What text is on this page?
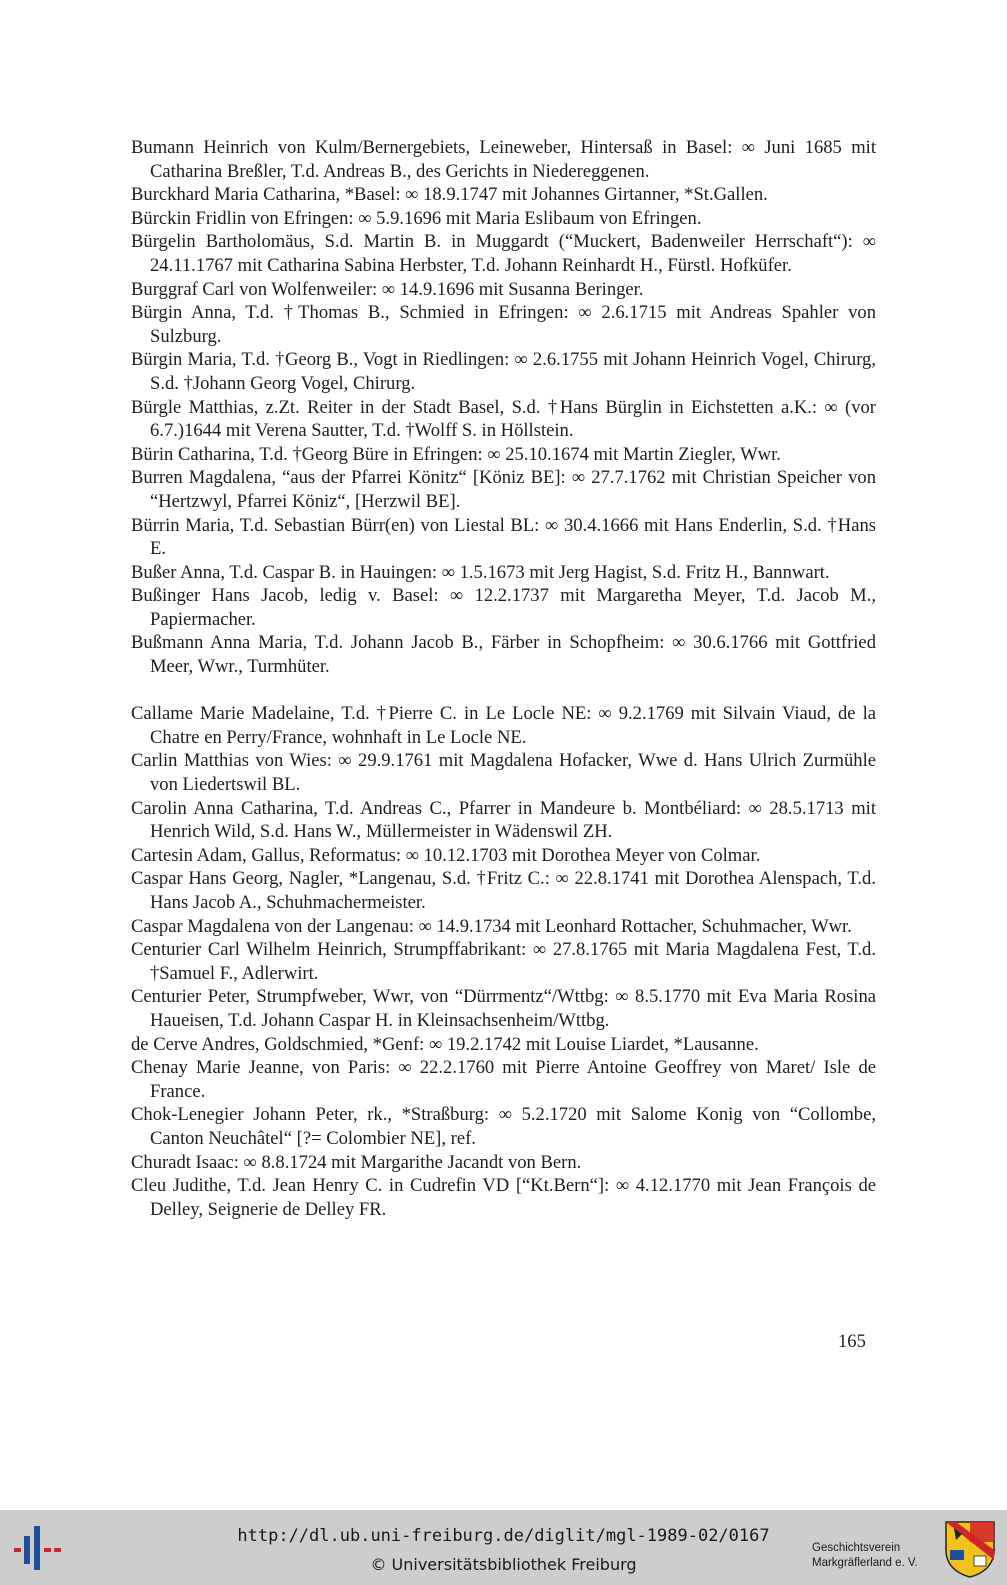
Bumann Heinrich von Kulm/Bernergebiets, Leineweber, Hintersaß in Basel: ∞ Juni 1685 mit Catharina Breßler, T.d. Andreas B., des Gerichts in Niedereggenen.

Burckhard Maria Catharina, *Basel: ∞ 18.9.1747 mit Johannes Girtanner, *St.Gallen.

Bürckin Fridlin von Efringen: ∞ 5.9.1696 mit Maria Eslibaum von Efringen.

Bürgelin Bartholomäus, S.d. Martin B. in Muggardt (“Muckert, Badenweiler Herrschaft“): ∞ 24.11.1767 mit Catharina Sabina Herbster, T.d. Johann Reinhardt H., Fürstl. Hofküfer.

Burggraf Carl von Wolfenweiler: ∞ 14.9.1696 mit Susanna Beringer.

Bürgin Anna, T.d. †Thomas B., Schmied in Efringen: ∞ 2.6.1715 mit Andreas Spahler von Sulzburg.

Bürgin Maria, T.d. †Georg B., Vogt in Riedlingen: ∞ 2.6.1755 mit Johann Heinrich Vogel, Chirurg, S.d. †Johann Georg Vogel, Chirurg.

Bürgle Matthias, z.Zt. Reiter in der Stadt Basel, S.d. †Hans Bürglin in Eichstetten a.K.: ∞ (vor 6.7.)1644 mit Verena Sautter, T.d. †Wolff S. in Höllstein.

Bürin Catharina, T.d. †Georg Büre in Efringen: ∞ 25.10.1674 mit Martin Ziegler, Wwr.

Burren Magdalena, “aus der Pfarrei Könitz“ [Köniz BE]: ∞ 27.7.1762 mit Christian Speicher von “Hertzwyl, Pfarrei Köniz“, [Herzwil BE].

Bürrin Maria, T.d. Sebastian Bürr(en) von Liestal BL: ∞ 30.4.1666 mit Hans Enderlin, S.d. †Hans E.

Bußer Anna, T.d. Caspar B. in Hauingen: ∞ 1.5.1673 mit Jerg Hagist, S.d. Fritz H., Bannwart.

Bußinger Hans Jacob, ledig v. Basel: ∞ 12.2.1737 mit Margaretha Meyer, T.d. Jacob M., Papiermacher.

Bußmann Anna Maria, T.d. Johann Jacob B., Färber in Schopfheim: ∞ 30.6.1766 mit Gottfried Meer, Wwr., Turmhüter.

Callame Marie Madelaine, T.d. †Pierre C. in Le Locle NE: ∞ 9.2.1769 mit Silvain Viaud, de la Chatre en Perry/France, wohnhaft in Le Locle NE.

Carlin Matthias von Wies: ∞ 29.9.1761 mit Magdalena Hofacker, Wwe d. Hans Ulrich Zurmühle von Liedertswil BL.

Carolin Anna Catharina, T.d. Andreas C., Pfarrer in Mandeure b. Montbéliard: ∞ 28.5.1713 mit Henrich Wild, S.d. Hans W., Müllermeister in Wädenswil ZH.

Cartesin Adam, Gallus, Reformatus: ∞ 10.12.1703 mit Dorothea Meyer von Colmar.

Caspar Hans Georg, Nagler, *Langenau, S.d. †Fritz C.: ∞ 22.8.1741 mit Dorothea Alenspach, T.d. Hans Jacob A., Schuhmachermeister.

Caspar Magdalena von der Langenau: ∞ 14.9.1734 mit Leonhard Rottacher, Schuhmacher, Wwr.

Centurier Carl Wilhelm Heinrich, Strumpffabrikant: ∞ 27.8.1765 mit Maria Magdalena Fest, T.d. †Samuel F., Adlerwirt.

Centurier Peter, Strumpfweber, Wwr, von “Dürrmentz“/Wttbg: ∞ 8.5.1770 mit Eva Maria Rosina Haueisen, T.d. Johann Caspar H. in Kleinsachsenheim/Wttbg.

de Cerve Andres, Goldschmied, *Genf: ∞ 19.2.1742 mit Louise Liardet, *Lausanne.

Chenay Marie Jeanne, von Paris: ∞ 22.2.1760 mit Pierre Antoine Geoffrey von Maret/ Isle de France.

Chok-Lenegier Johann Peter, rk., *Straßburg: ∞ 5.2.1720 mit Salome Konig von “Collombe, Canton Neuchâtel“ [?= Colombier NE], ref.

Churadt Isaac: ∞ 8.8.1724 mit Margarithe Jacandt von Bern.

Cleu Judithe, T.d. Jean Henry C. in Cudrefin VD [“Kt.Bern“]: ∞ 4.12.1770 mit Jean François de Delley, Seignerie de Delley FR.

165
http://dl.ub.uni-freiburg.de/diglit/mgl-1989-02/0167
© Universitätsbibliothek Freiburg
Geschichtsverein
Markgräflerland e. V.
